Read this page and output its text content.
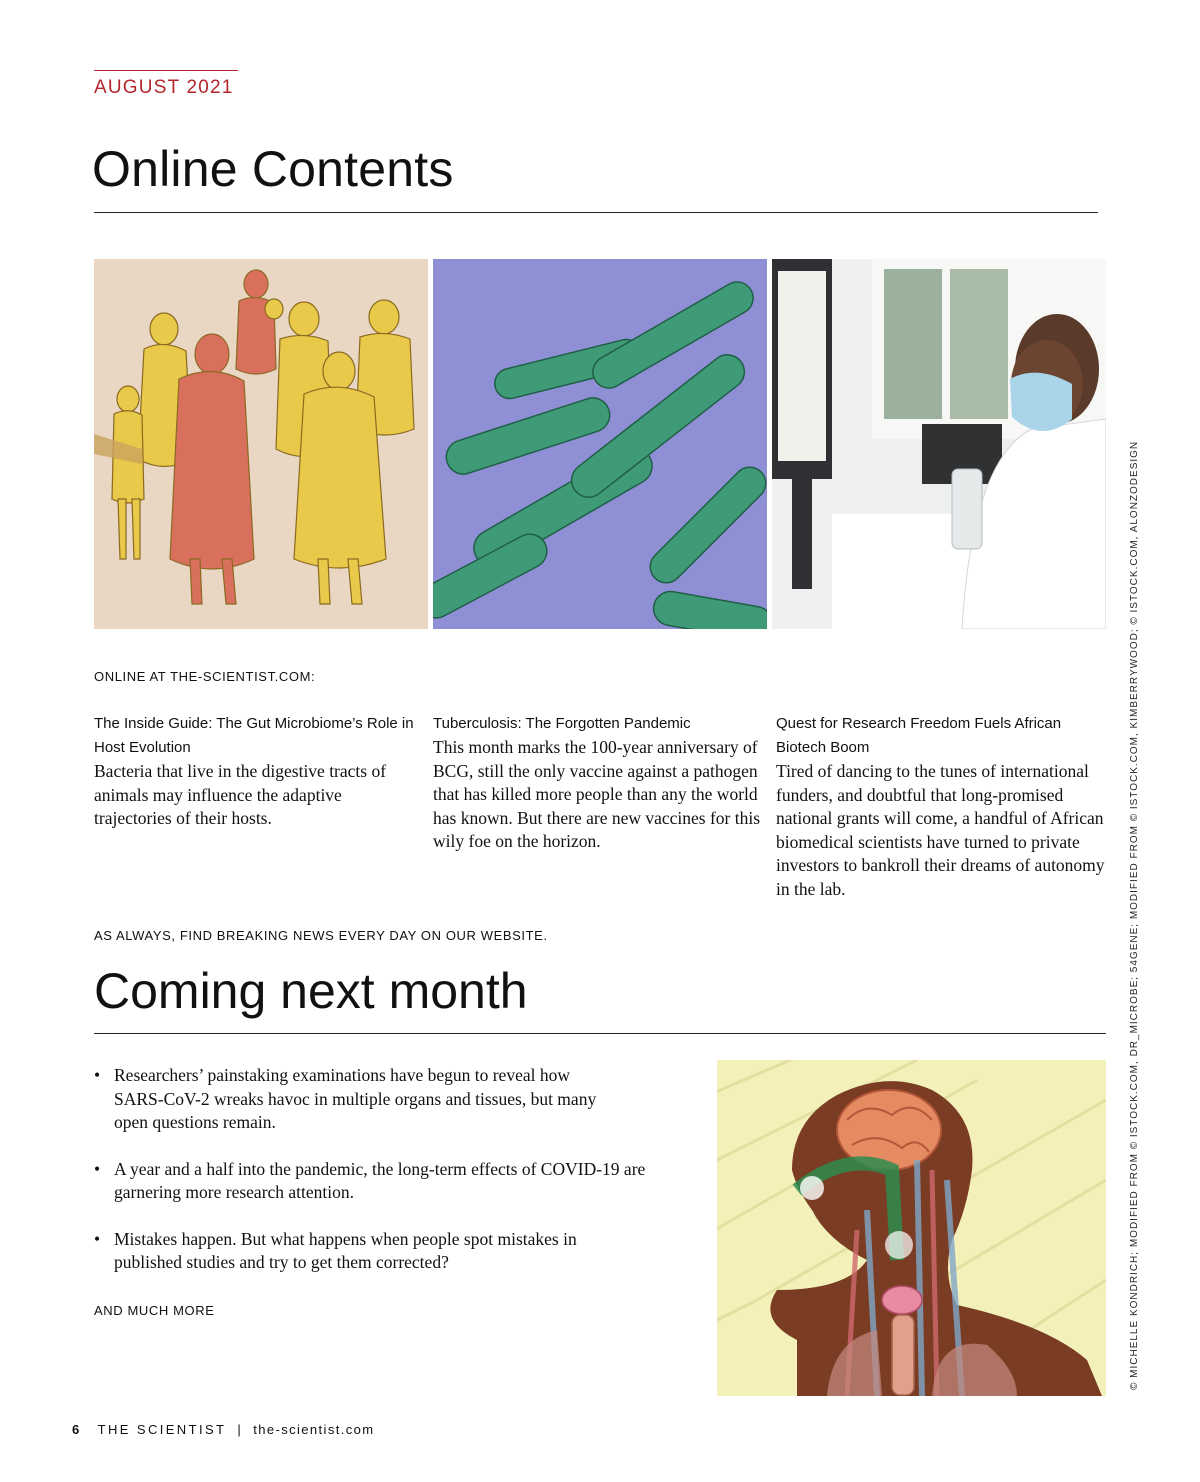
AUGUST 2021
Online Contents
ONLINE AT THE-SCIENTIST.COM:
The Inside Guide: The Gut Microbiome’s Role in Host Evolution
Bacteria that live in the digestive tracts of animals may influence the adaptive trajectories of their hosts.
Tuberculosis: The Forgotten Pandemic
This month marks the 100-year anniversary of BCG, still the only vaccine against a pathogen that has killed more people than any the world has known. But there are new vaccines for this wily foe on the horizon.
Quest for Research Freedom Fuels African Biotech Boom
Tired of dancing to the tunes of international funders, and doubtful that long-promised national grants will come, a handful of African biomedical scientists have turned to private investors to bankroll their dreams of autonomy in the lab.
AS ALWAYS, FIND BREAKING NEWS EVERY DAY ON OUR WEBSITE.
Coming next month
• Researchers’ painstaking examinations have begun to reveal how SARS-CoV-2 wreaks havoc in multiple organs and tissues, but many open questions remain.
• A year and a half into the pandemic, the long-term effects of COVID-19 are garnering more research attention.
• Mistakes happen. But what happens when people spot mistakes in published studies and try to get them corrected?
AND MUCH MORE	© MICHELLE KONDRICH; MODIFIED FROM © ISTOCK.COM, DR_MICROBE; 54GENE; MODIFIED FROM © ISTOCK.COM, KIMBERRYWOOD; © ISTOCK.COM, ALONZODESIGN
6 THE SCIENTIST | the-scientist.com
